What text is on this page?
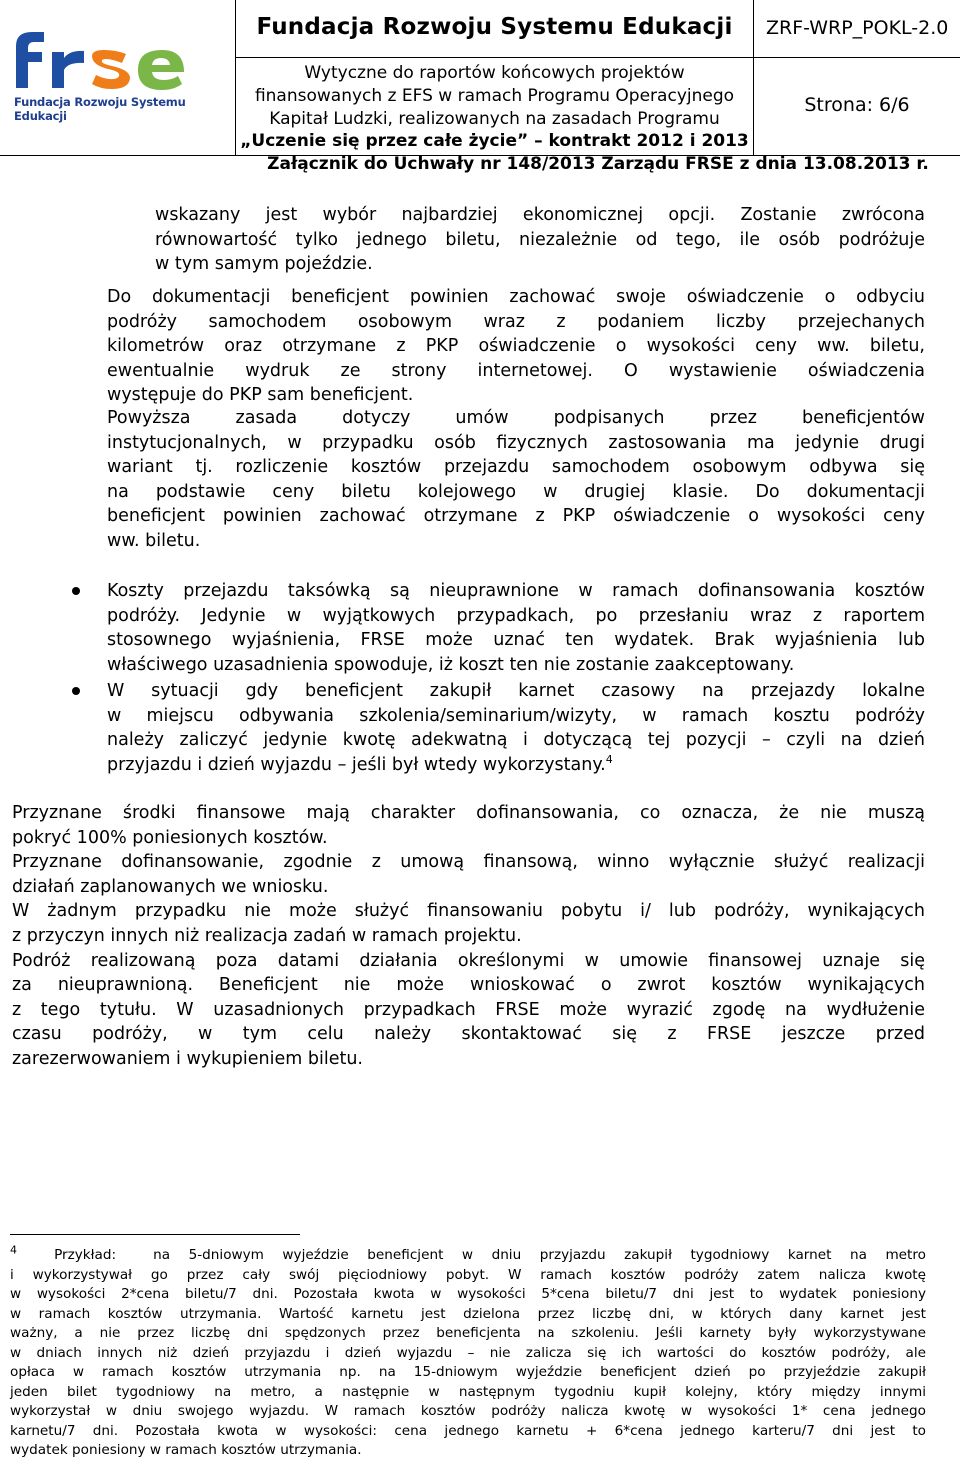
Fundacja Rozwoju Systemu Edukacji
Fundacja Rozwoju Systemu Edukacji	ZRF-WRP_POKL-2.0
Wytyczne do raportów końcowych projektów
finansowanych z EFS w ramach Programu Operacyjnego
Kapitał Ludzki, realizowanych na zasadach Programu
„Uczenie się przez całe życie” – kontrakt 2012 i 2013
Strona: 6/6
Załącznik do Uchwały nr 148/2013 Zarządu FRSE z dnia 13.08.2013 r.
wskazany jest wybór najbardziej ekonomicznej opcji. Zostanie zwrócona
równowartość tylko jednego biletu, niezależnie od tego, ile osób podróżuje
w tym samym pojeździe.
Do dokumentacji beneficjent powinien zachować swoje oświadczenie o odbyciu
podróży samochodem osobowym wraz z podaniem liczby przejechanych
kilometrów oraz otrzymane z PKP oświadczenie o wysokości ceny ww. biletu,
ewentualnie wydruk ze strony internetowej. O wystawienie oświadczenia
występuje do PKP sam beneficjent.
Powyższa zasada dotyczy umów podpisanych przez beneficjentów
instytucjonalnych, w przypadku osób fizycznych zastosowania ma jedynie drugi
wariant tj. rozliczenie kosztów przejazdu samochodem osobowym odbywa się
na podstawie ceny biletu kolejowego w drugiej klasie. Do dokumentacji
beneficjent powinien zachować otrzymane z PKP oświadczenie o wysokości ceny
ww. biletu.
Koszty przejazdu taksówką są nieuprawnione w ramach dofinansowania kosztów
podróży. Jedynie w wyjątkowych przypadkach, po przesłaniu wraz z raportem
stosownego wyjaśnienia, FRSE może uznać ten wydatek. Brak wyjaśnienia lub
właściwego uzasadnienia spowoduje, iż koszt ten nie zostanie zaakceptowany.
W sytuacji gdy beneficjent zakupił karnet czasowy na przejazdy lokalne
w miejscu odbywania szkolenia/seminarium/wizyty, w ramach kosztu podróży
należy zaliczyć jedynie kwotę adekwatną i dotyczącą tej pozycji – czyli na dzień
przyjazdu i dzień wyjazdu – jeśli był wtedy wykorzystany.$^4$
Przyznane środki finansowe mają charakter dofinansowania, co oznacza, że nie muszą
pokryć 100% poniesionych kosztów.
Przyznane dofinansowanie, zgodnie z umową finansową, winno wyłącznie służyć realizacji
działań zaplanowanych we wniosku.
W żadnym przypadku nie może służyć finansowaniu pobytu i/ lub podróży, wynikających
z przyczyn innych niż realizacja zadań w ramach projektu.
Podróż realizowaną poza datami działania określonymi w umowie finansowej uznaje się
za nieuprawnioną. Beneficjent nie może wnioskować o zwrot kosztów wynikających
z tego tytułu. W uzasadnionych przypadkach FRSE może wyrazić zgodę na wydłużenie
czasu podróży, w tym celu należy skontaktować się z FRSE jeszcze przed
zarezerwowaniem i wykupieniem biletu.
$^4$	Przykład:	na 5-dniowym wyjeździe beneficjent w dniu przyjazdu zakupił tygodniowy karnet na metro
i wykorzystywał go przez cały swój pięciodniowy pobyt. W ramach kosztów podróży zatem nalicza kwotę
w wysokości 2*cena biletu/7 dni. Pozostała kwota w wysokości 5*cena biletu/7 dni jest to wydatek poniesiony
w ramach kosztów utrzymania. Wartość karnetu jest dzielona przez liczbę dni, w których dany karnet jest
ważny, a nie przez liczbę dni spędzonych przez beneficjenta na szkoleniu. Jeśli karnety były wykorzystywane
w dniach innych niż dzień przyjazdu i dzień wyjazdu – nie zalicza się ich wartości do kosztów podróży, ale
opłaca w ramach kosztów utrzymania np. na 15-dniowym wyjeździe beneficjent dzień po przyjeździe zakupił
jeden bilet tygodniowy na metro, a następnie w następnym tygodniu kupił kolejny, który między innymi
wykorzystał w dniu swojego wyjazdu. W ramach kosztów podróży nalicza kwotę w wysokości 1* cena jednego
karnetu/7 dni. Pozostała kwota w wysokości: cena jednego karnetu + 6*cena jednego karteru/7 dni jest to
wydatek poniesiony w ramach kosztów utrzymania.
